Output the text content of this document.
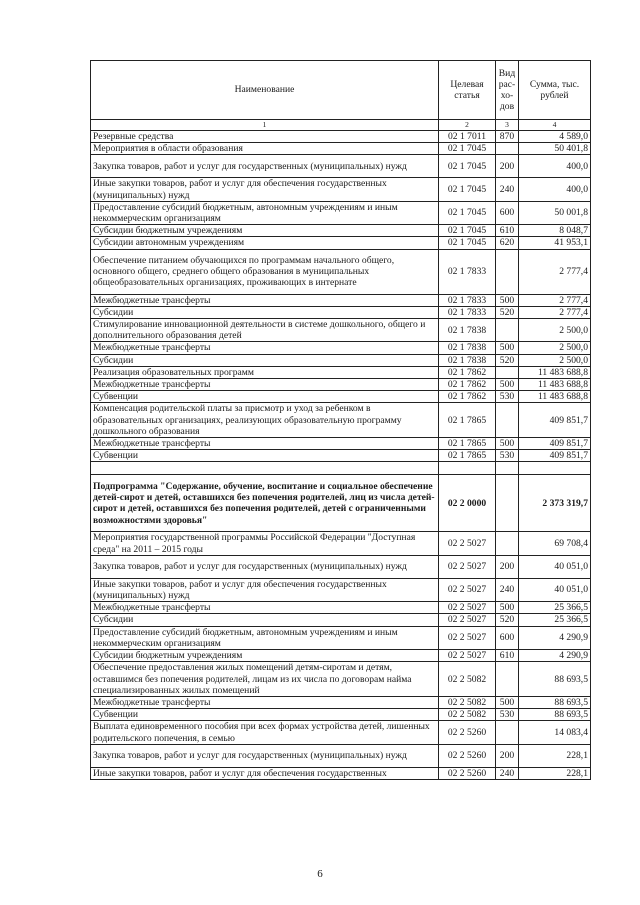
Наименование	Целевая статья	Вид рас-хо-дов	Сумма, тыс. рублей
1	2	3	4
Резервные средства	02 1 7011	870	4 589,0
Мероприятия в области образования	02 1 7045		50 401,8
Закупка товаров, работ и услуг для государственных (муниципальных) нужд	02 1 7045	200	400,0
Иные закупки товаров, работ и услуг для обеспечения государственных (муниципальных) нужд	02 1 7045	240	400,0
Предоставление субсидий бюджетным, автономным учреждениям и иным некоммерческим организациям	02 1 7045	600	50 001,8
Субсидии бюджетным учреждениям	02 1 7045	610	8 048,7
Субсидии автономным учреждениям	02 1 7045	620	41 953,1
Обеспечение питанием обучающихся по программам начального общего, основного общего, среднего общего образования в муниципальных общеобразовательных организациях, проживающих в интернате	02 1 7833		2 777,4
Межбюджетные трансферты	02 1 7833	500	2 777,4
Субсидии	02 1 7833	520	2 777,4
Стимулирование инновационной деятельности в системе дошкольного, общего и дополнительного образования детей	02 1 7838		2 500,0
Межбюджетные трансферты	02 1 7838	500	2 500,0
Субсидии	02 1 7838	520	2 500,0
Реализация образовательных программ	02 1 7862		11 483 688,8
Межбюджетные трансферты	02 1 7862	500	11 483 688,8
Субвенции	02 1 7862	530	11 483 688,8
Компенсация родительской платы за присмотр и уход за ребенком в образовательных организациях, реализующих образовательную программу дошкольного образования	02 1 7865		409 851,7
Межбюджетные трансферты	02 1 7865	500	409 851,7
Субвенции	02 1 7865	530	409 851,7

Подпрограмма "Содержание, обучение, воспитание и социальное обеспечение детей-сирот и детей, оставшихся без попечения родителей, лиц из числа детей-сирот и детей, оставшихся без попечения родителей, детей с ограниченными возможностями здоровья"	02 2 0000		2 373 319,7
Мероприятия государственной программы Российской Федерации "Доступная среда" на 2011 – 2015 годы	02 2 5027		69 708,4
Закупка товаров, работ и услуг для государственных (муниципальных) нужд	02 2 5027	200	40 051,0
Иные закупки товаров, работ и услуг для обеспечения государственных (муниципальных) нужд	02 2 5027	240	40 051,0
Межбюджетные трансферты	02 2 5027	500	25 366,5
Субсидии	02 2 5027	520	25 366,5
Предоставление субсидий бюджетным, автономным учреждениям и иным некоммерческим организациям	02 2 5027	600	4 290,9
Субсидии бюджетным учреждениям	02 2 5027	610	4 290,9
Обеспечение предоставления жилых помещений детям-сиротам и детям, оставшимся без попечения родителей, лицам из их числа по договорам найма специализированных жилых помещений	02 2 5082		88 693,5
Межбюджетные трансферты	02 2 5082	500	88 693,5
Субвенции	02 2 5082	530	88 693,5
Выплата единовременного пособия при всех формах устройства детей, лишенных родительского попечения, в семью	02 2 5260		14 083,4
Закупка товаров, работ и услуг для государственных (муниципальных) нужд	02 2 5260	200	228,1
Иные закупки товаров, работ и услуг для обеспечения государственных	02 2 5260	240	228,1
6
